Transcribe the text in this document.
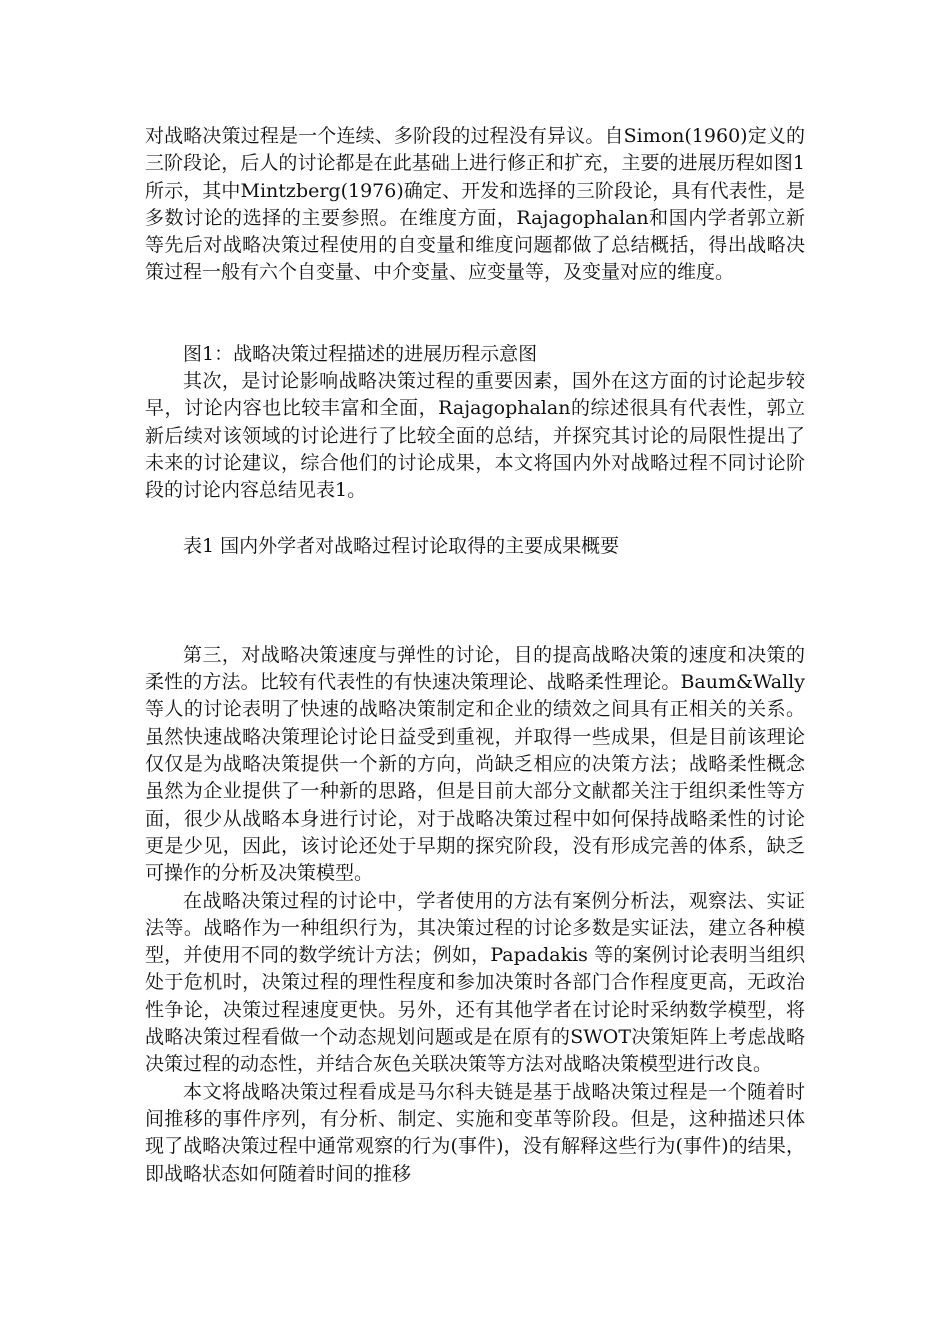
对战略决策过程是一个连续、多阶段的过程没有异议。自Simon(1960)定义的三阶段论，后人的讨论都是在此基础上进行修正和扩充，主要的进展历程如图1所示，其中Mintzberg(1976)确定、开发和选择的三阶段论，具有代表性，是多数讨论的选择的主要参照。在维度方面，Rajagophalan和国内学者郭立新等先后对战略决策过程使用的自变量和维度问题都做了总结概括，得出战略决策过程一般有六个自变量、中介变量、应变量等，及变量对应的维度。

图1：战略决策过程描述的进展历程示意图

其次，是讨论影响战略决策过程的重要因素，国外在这方面的讨论起步较早，讨论内容也比较丰富和全面，Rajagophalan的综述很具有代表性，郭立新后续对该领域的讨论进行了比较全面的总结，并探究其讨论的局限性提出了未来的讨论建议，综合他们的讨论成果，本文将国内外对战略过程不同讨论阶段的讨论内容总结见表1。

表1 国内外学者对战略过程讨论取得的主要成果概要

第三，对战略决策速度与弹性的讨论，目的提高战略决策的速度和决策的柔性的方法。比较有代表性的有快速决策理论、战略柔性理论。Baum&Wally等人的讨论表明了快速的战略决策制定和企业的绩效之间具有正相关的关系。虽然快速战略决策理论讨论日益受到重视，并取得一些成果，但是目前该理论仅仅是为战略决策提供一个新的方向，尚缺乏相应的决策方法；战略柔性概念虽然为企业提供了一种新的思路，但是目前大部分文献都关注于组织柔性等方面，很少从战略本身进行讨论，对于战略决策过程中如何保持战略柔性的讨论更是少见，因此，该讨论还处于早期的探究阶段，没有形成完善的体系，缺乏可操作的分析及决策模型。

在战略决策过程的讨论中，学者使用的方法有案例分析法，观察法、实证法等。战略作为一种组织行为，其决策过程的讨论多数是实证法，建立各种模型，并使用不同的数学统计方法；例如，Papadakis 等的案例讨论表明当组织处于危机时，决策过程的理性程度和参加决策时各部门合作程度更高，无政治性争论，决策过程速度更快。另外，还有其他学者在讨论时采纳数学模型，将战略决策过程看做一个动态规划问题或是在原有的SWOT决策矩阵上考虑战略决策过程的动态性，并结合灰色关联决策等方法对战略决策模型进行改良。

本文将战略决策过程看成是马尔科夫链是基于战略决策过程是一个随着时间推移的事件序列，有分析、制定、实施和变革等阶段。但是，这种描述只体现了战略决策过程中通常观察的行为(事件)，没有解释这些行为(事件)的结果，即战略状态如何随着时间的推移
